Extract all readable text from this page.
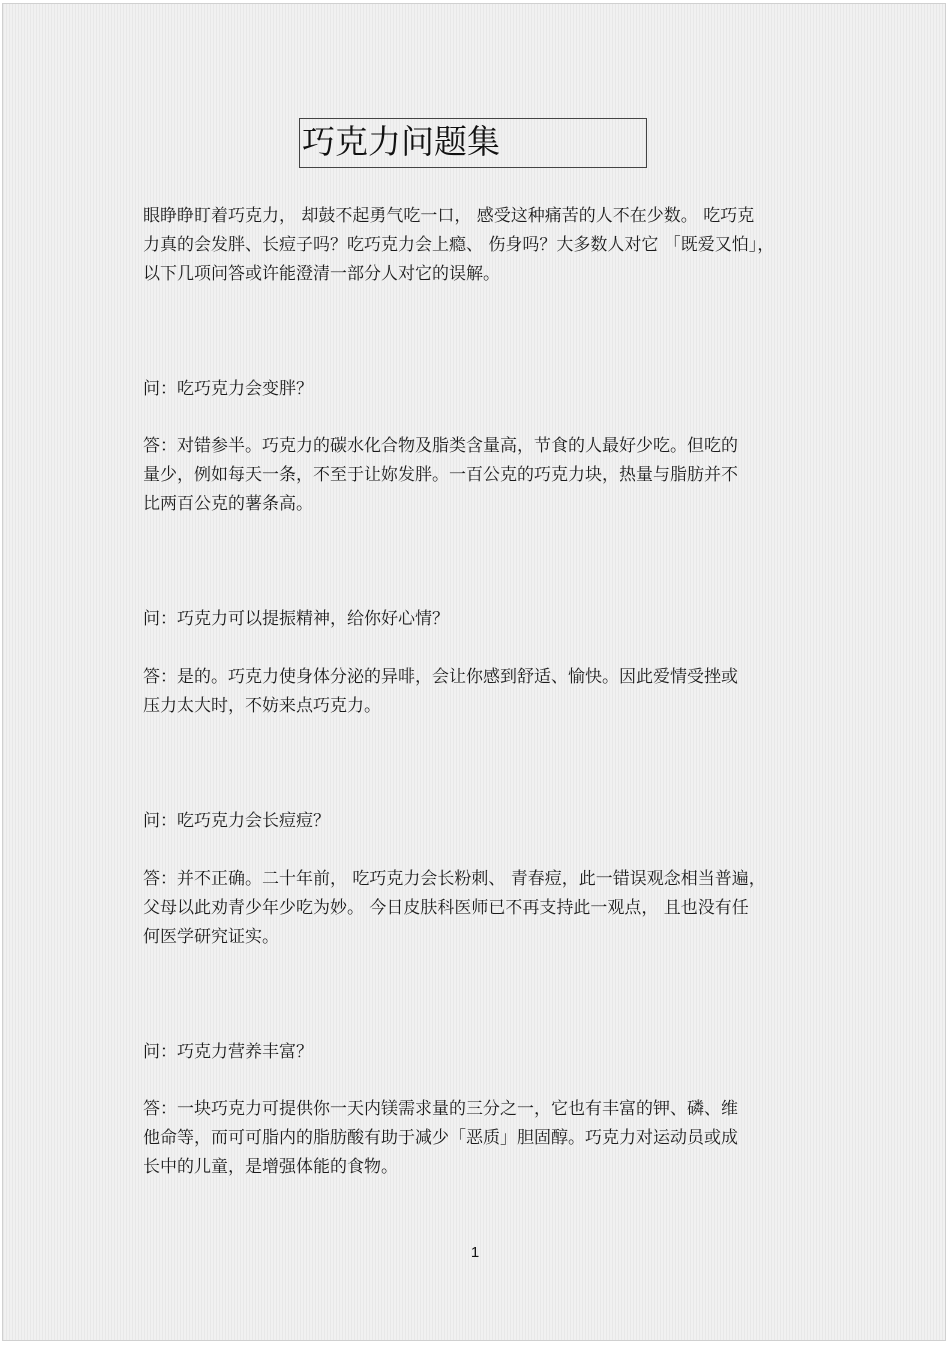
巧克力问题集
眼睁睁盯着巧克力， 却鼓不起勇气吃一口， 感受这种痛苦的人不在少数。 吃巧克
力真的会发胖、长痘子吗？吃巧克力会上瘾、 伤身吗？大多数人对它 「既爱又怕」，
以下几项问答或许能澄清一部分人对它的误解。
问：吃巧克力会变胖？
答：对错参半。巧克力的碳水化合物及脂类含量高，节食的人最好少吃。但吃的
量少，例如每天一条，不至于让妳发胖。一百公克的巧克力块，热量与脂肪并不
比两百公克的薯条高。
问：巧克力可以提振精神，给你好心情？
答：是的。巧克力使身体分泌的异啡，会让你感到舒适、愉快。因此爱情受挫或
压力太大时，不妨来点巧克力。
问：吃巧克力会长痘痘？
答：并不正确。二十年前， 吃巧克力会长粉刺、 青春痘，此一错误观念相当普遍，
父母以此劝青少年少吃为妙。 今日皮肤科医师已不再支持此一观点， 且也没有任
何医学研究证实。
问：巧克力营养丰富？
答：一块巧克力可提供你一天内镁需求量的三分之一，它也有丰富的钾、磷、维
他命等，而可可脂内的脂肪酸有助于减少「恶质」胆固醇。巧克力对运动员或成
长中的儿童，是增强体能的食物。
1
